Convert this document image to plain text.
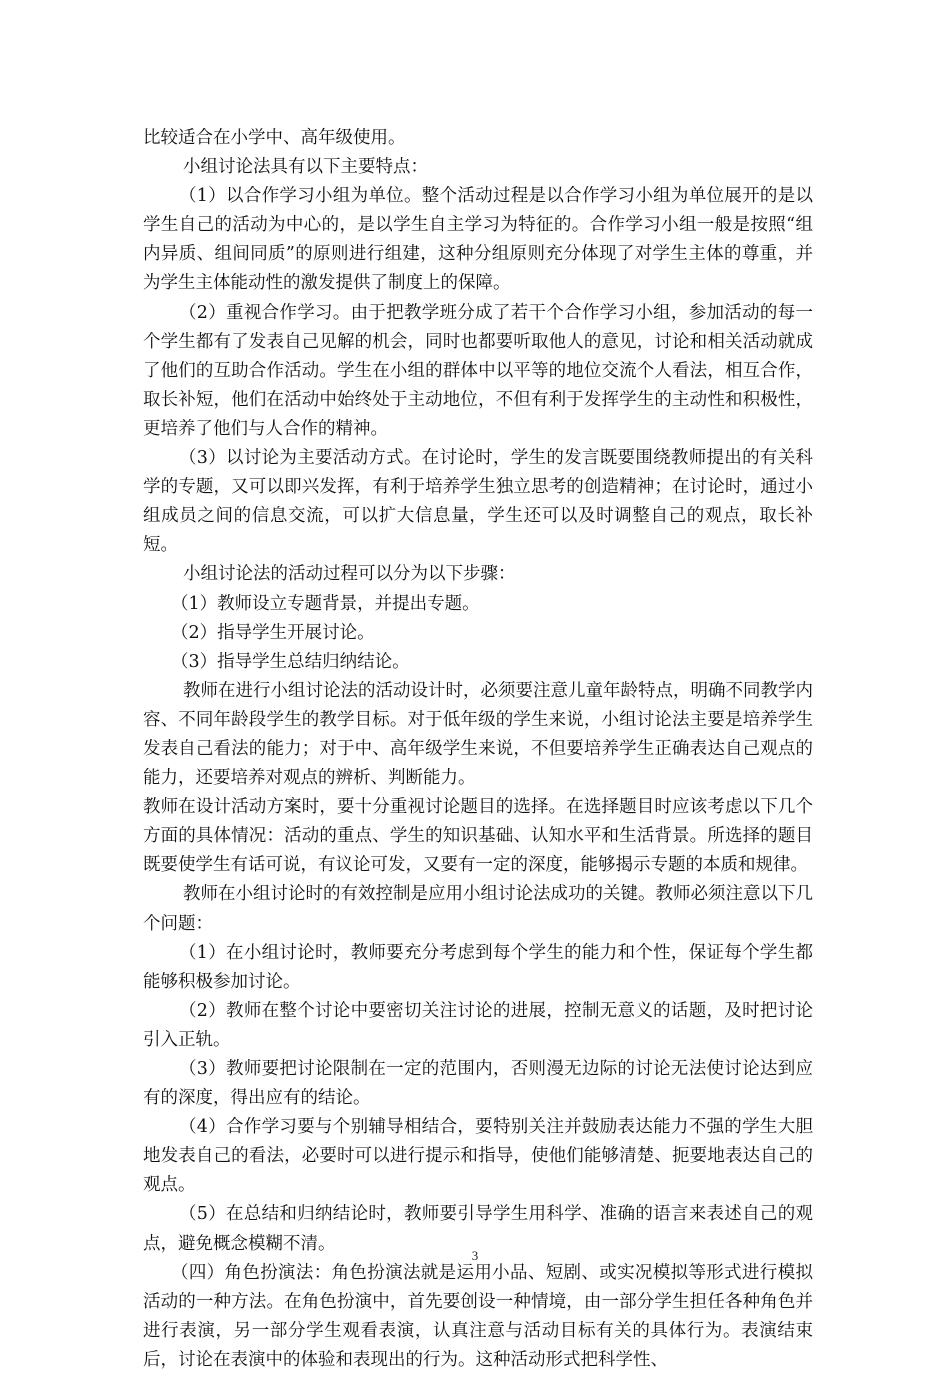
比较适合在小学中、高年级使用。

小组讨论法具有以下主要特点：

（1）以合作学习小组为单位。整个活动过程是以合作学习小组为单位展开的是以学生自己的活动为中心的，是以学生自主学习为特征的。合作学习小组一般是按照“组内异质、组间同质”的原则进行组建，这种分组原则充分体现了对学生主体的尊重，并为学生主体能动性的激发提供了制度上的保障。

（2）重视合作学习。由于把教学班分成了若干个合作学习小组，参加活动的每一个学生都有了发表自己见解的机会，同时也都要听取他人的意见，讨论和相关活动就成了他们的互助合作活动。学生在小组的群体中以平等的地位交流个人看法，相互合作，取长补短，他们在活动中始终处于主动地位，不但有利于发挥学生的主动性和积极性，更培养了他们与人合作的精神。

（3）以讨论为主要活动方式。在讨论时，学生的发言既要围绕教师提出的有关科学的专题，又可以即兴发挥，有利于培养学生独立思考的创造精神；在讨论时，通过小组成员之间的信息交流，可以扩大信息量，学生还可以及时调整自己的观点，取长补短。

小组讨论法的活动过程可以分为以下步骤：

（1）教师设立专题背景，并提出专题。

（2）指导学生开展讨论。

（3）指导学生总结归纳结论。

教师在进行小组讨论法的活动设计时，必须要注意儿童年龄特点，明确不同教学内容、不同年龄段学生的教学目标。对于低年级的学生来说，小组讨论法主要是培养学生发表自己看法的能力；对于中、高年级学生来说，不但要培养学生正确表达自己观点的能力，还要培养对观点的辨析、判断能力。

教师在设计活动方案时，要十分重视讨论题目的选择。在选择题目时应该考虑以下几个方面的具体情况：活动的重点、学生的知识基础、认知水平和生活背景。所选择的题目既要使学生有话可说，有议论可发，又要有一定的深度，能够揭示专题的本质和规律。

教师在小组讨论时的有效控制是应用小组讨论法成功的关键。教师必须注意以下几个问题：

（1）在小组讨论时，教师要充分考虑到每个学生的能力和个性，保证每个学生都能够积极参加讨论。

（2）教师在整个讨论中要密切关注讨论的进展，控制无意义的话题，及时把讨论引入正轨。

（3）教师要把讨论限制在一定的范围内，否则漫无边际的讨论无法使讨论达到应有的深度，得出应有的结论。

（4）合作学习要与个别辅导相结合，要特别关注并鼓励表达能力不强的学生大胆地发表自己的看法，必要时可以进行提示和指导，使他们能够清楚、扼要地表达自己的观点。

（5）在总结和归纳结论时，教师要引导学生用科学、准确的语言来表述自己的观点，避免概念模糊不清。

（四）角色扮演法：角色扮演法就是运用小品、短剧、或实况模拟等形式进行模拟活动的一种方法。在角色扮演中，首先要创设一种情境，由一部分学生担任各种角色并进行表演，另一部分学生观看表演，认真注意与活动目标有关的具体行为。表演结束后，讨论在表演中的体验和表现出的行为。这种活动形式把科学性、

3
